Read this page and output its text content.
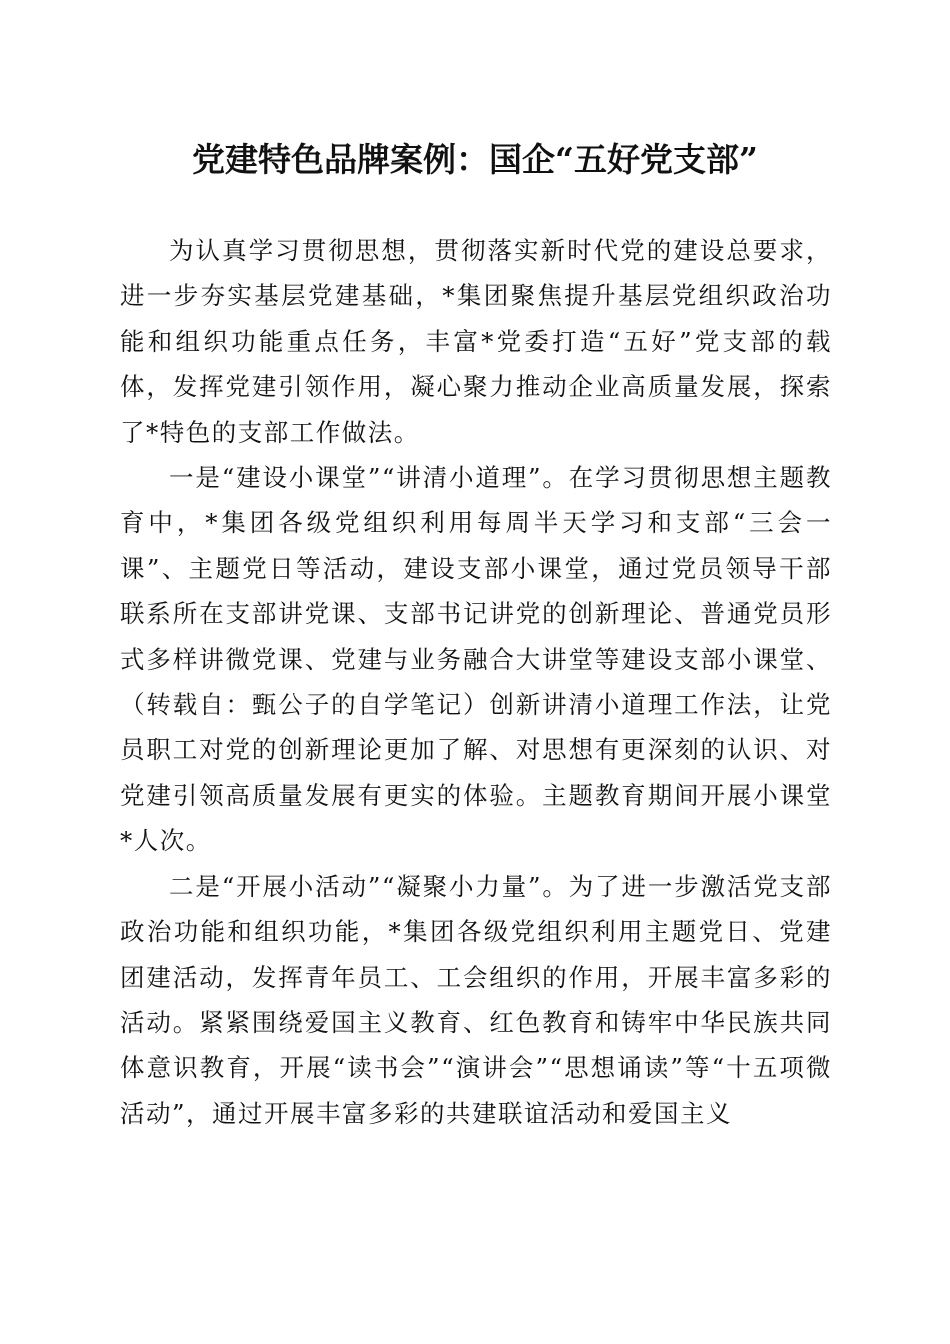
党建特色品牌案例：国企“五好党支部”

为认真学习贯彻思想，贯彻落实新时代党的建设总要求，进一步夯实基层党建基础，*集团聚焦提升基层党组织政治功能和组织功能重点任务，丰富*党委打造“五好”党支部的载体，发挥党建引领作用，凝心聚力推动企业高质量发展，探索了*特色的支部工作做法。

一是“建设小课堂”“讲清小道理”。在学习贯彻思想主题教育中，*集团各级党组织利用每周半天学习和支部“三会一课”、主题党日等活动，建设支部小课堂，通过党员领导干部联系所在支部讲党课、支部书记讲党的创新理论、普通党员形式多样讲微党课、党建与业务融合大讲堂等建设支部小课堂、（转载自：甄公子的自学笔记）创新讲清小道理工作法，让党员职工对党的创新理论更加了解、对思想有更深刻的认识、对党建引领高质量发展有更实的体验。主题教育期间开展小课堂*人次。

二是“开展小活动”“凝聚小力量”。为了进一步激活党支部政治功能和组织功能，*集团各级党组织利用主题党日、党建团建活动，发挥青年员工、工会组织的作用，开展丰富多彩的活动。紧紧围绕爱国主义教育、红色教育和铸牢中华民族共同体意识教育，开展“读书会”“演讲会”“思想诵读”等“十五项微活动”，通过开展丰富多彩的共建联谊活动和爱国主义
